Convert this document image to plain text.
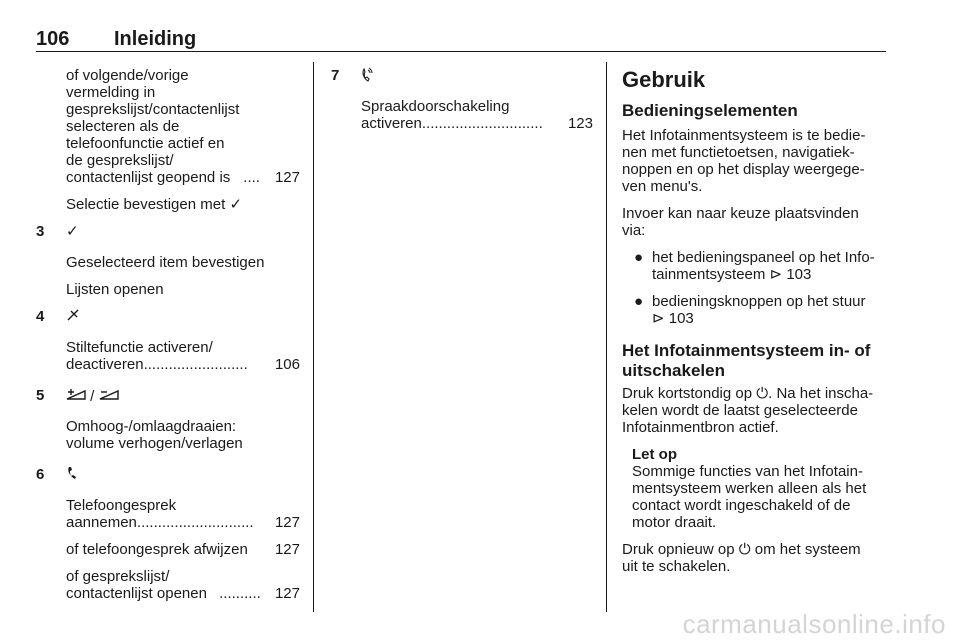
106 Inleiding
of volgende/vorige
vermelding in
gesprekslijst/contactenlijst
selecteren als de
telefoonfunctie actief en
de gesprekslijst/
contactenlijst geopend is ....	127
Selectie bevestigen met ✓
3 ✓
Geselecteerd item bevestigen
Lijsten openen
4
Stiltefunctie activeren/
deactiveren .........................	106
5	/
Omhoog-/omlaagdraaien:
volume verhogen/verlagen
6
Telefoongesprek
aannemen ............................	127
of telefoongesprek afwijzen 127
of gesprekslijst/
contactenlijst openen .......... 127
7
Spraakdoorschakeling
activeren .............................	123
Gebruik
Bedieningselementen

Het Infotainmentsysteem is te bedie-
nen met functietoetsen, navigatiek-
noppen en op het display weergege-
ven menu's.

Invoer kan naar keuze plaatsvinden
via:

● het bedieningspaneel op het Info-
tainmentsysteem ⊳ 103
● bedieningsknoppen op het stuur
⊳ 103
Het Infotainmentsysteem in- of
uitschakelen

Druk kortstondig op ⏻. Na het inscha-
kelen wordt de laatst geselecteerde
Infotainmentbron actief.

Let op
Sommige functies van het Infotain-
mentsysteem werken alleen als het
contact wordt ingeschakeld of de
motor draait.

Druk opnieuw op ⏻ om het systeem
uit te schakelen.

carmanualsonline.info
